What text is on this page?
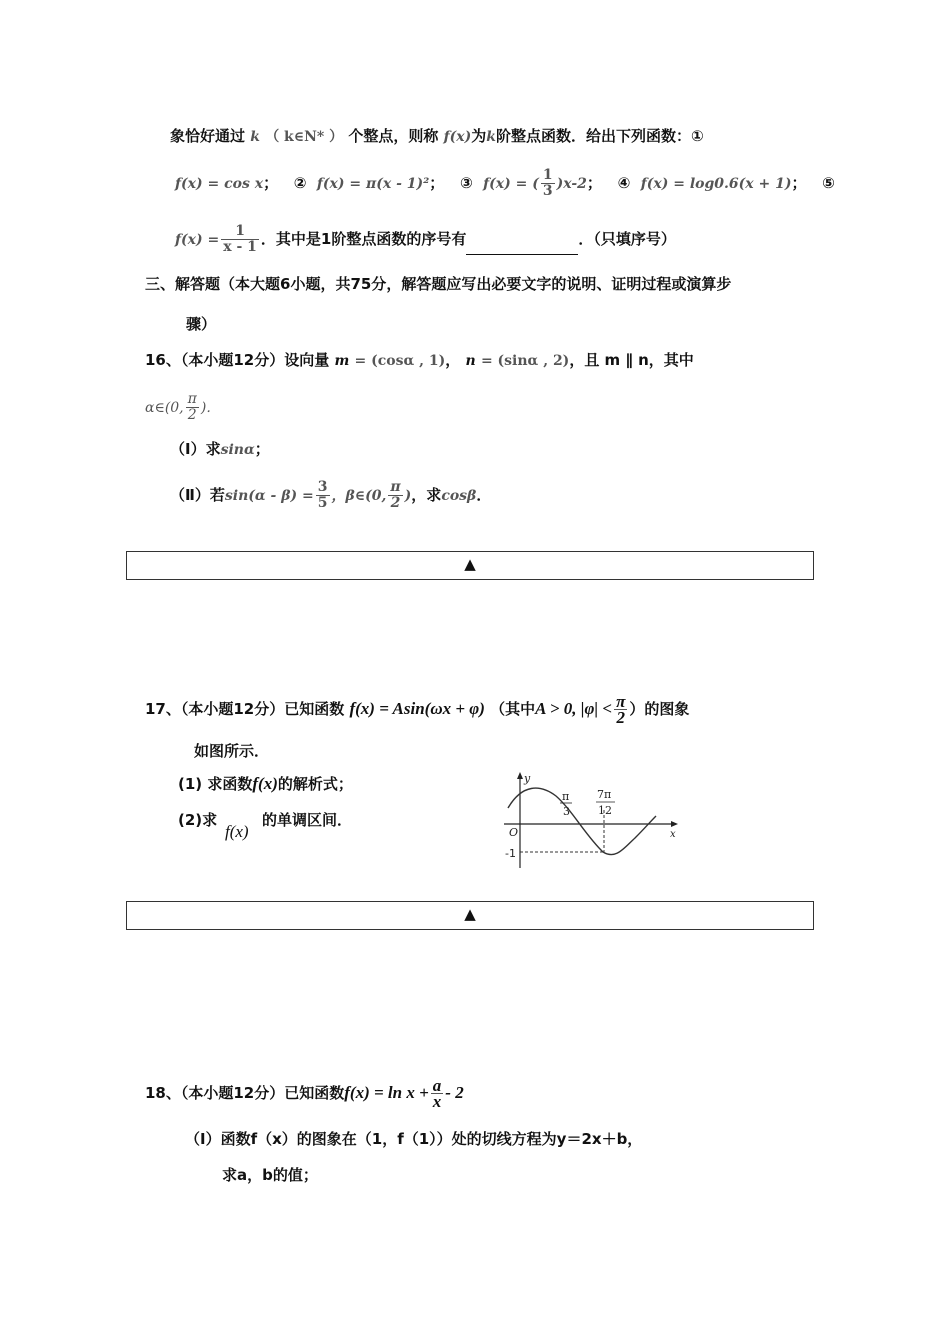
象恰好通过 k （ k∈N* ） 个整点，则称 f(x)为k阶整点函数．给出下列函数：①
f(x) = cos x； ② f(x) = π(x - 1)²； ③ f(x) = ( $\frac{1}{3} )x-2$； ④ f(x) = log0.6(x + 1)； ⑤
$f(x) = \frac{1}{x - 1}$ ．其中是1阶整点函数的序号有	．（只填序号）
三、解答题（本大题6小题，共75分，解答题应写出必要文字的说明、证明过程或演算步
骤）
16、（本小题12分）设向量 m = (cosα , 1)， n = (sinα , 2)，且 m ∥ n，其中
α∈(0, $\frac{\pi}{2}$ )．
（Ⅰ）求sinα；
（Ⅱ）若$\sin(\alpha - \beta) = \frac{3}{5}$ ，β∈(0, $\frac{\pi}{2}$ )，求cosβ．
▲
17、（本小题12分）已知函数 f(x) = Asin(ωx + φ) （其中A > 0, $|\varphi| < \frac{\pi}{2}$ ）的图象
如图所示．
(1) 求函数f(x)的解析式；
(2)求
f(x)
的单调区间．
y
x
O
-1
π
3
7π
12
▲
18、（本小题12分）已知函数$f(x) = \ln x + \frac{a}{x} - 2$
（I）函数f（x）的图象在（1，f（1））处的切线方程为y＝2x＋b，
求a，b的值；
